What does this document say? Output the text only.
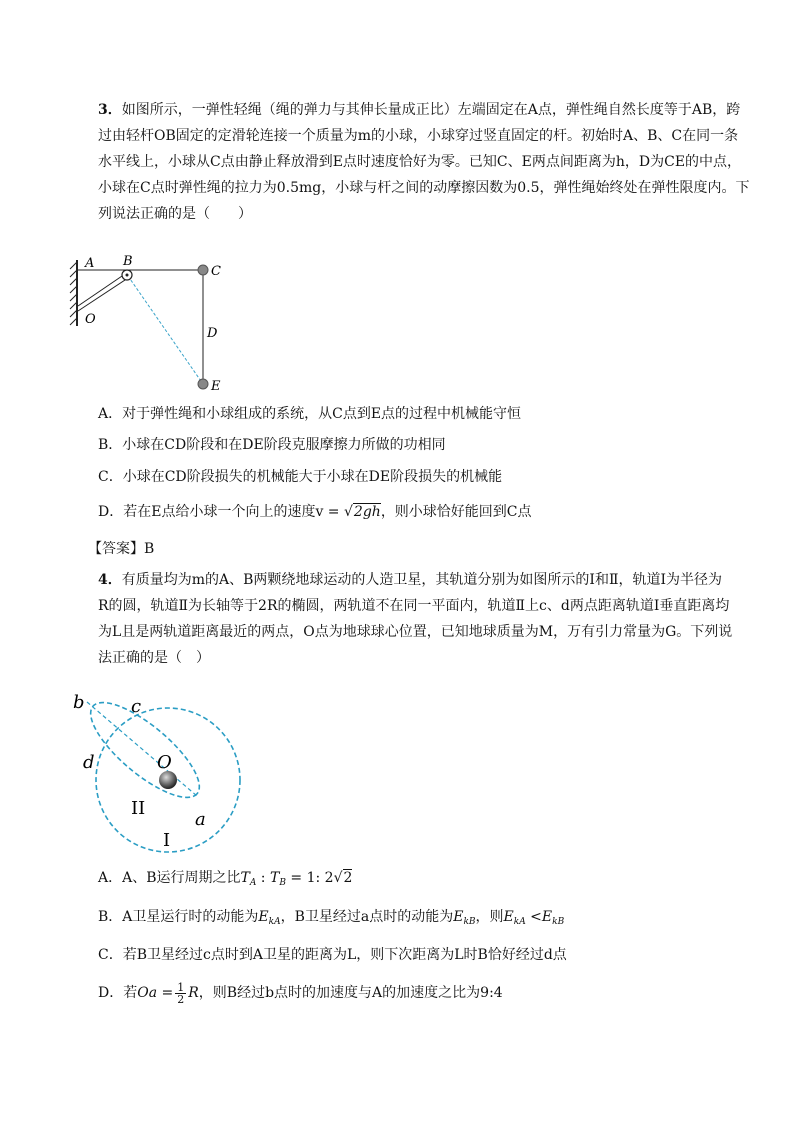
3．如图所示，一弹性轻绳（绳的弹力与其伸长量成正比）左端固定在A点，弹性绳自然长度等于AB，跨
过由轻杆OB固定的定滑轮连接一个质量为m的小球，小球穿过竖直固定的杆。初始时A、B、C在同一条
水平线上，小球从C点由静止释放滑到E点时速度恰好为零。已知C、E两点间距离为h，D为CE的中点，
小球在C点时弹性绳的拉力为0.5mg，小球与杆之间的动摩擦因数为0.5，弹性绳始终处在弹性限度内。下
列说法正确的是（　　）
A B
C
D
E
O
A．对于弹性绳和小球组成的系统，从C点到E点的过程中机械能守恒
B．小球在CD阶段和在DE阶段克服摩擦力所做的功相同
C．小球在CD阶段损失的机械能大于小球在DE阶段损失的机械能
D．若在E点给小球一个向上的速度v = √2gh，则小球恰好能回到C点
【答案】B
4．有质量均为m的A、B两颗绕地球运动的人造卫星，其轨道分别为如图所示的Ⅰ和Ⅱ，轨道Ⅰ为半径为
R的圆，轨道Ⅱ为长轴等于2R的椭圆，两轨道不在同一平面内，轨道Ⅱ上c、d两点距离轨道Ⅰ垂直距离均
为L且是两轨道距离最近的两点，O点为地球球心位置，已知地球质量为M，万有引力常量为G。下列说
法正确的是（　）
b	c
d	O
a
II
I
A．A、B运行周期之比$T_A$ : $T_B = 1$: 2√2
B．A卫星运行时的动能为$E_{kA}$，B卫星经过a点时的动能为$E_{kB}$，则$E_{kA} <E_{kB}$
C．若B卫星经过c点时到A卫星的距离为L，则下次距离为L时B恰好经过d点
D．若$Oa = \frac{1}{2}$ R，则B经过b点时的加速度与A的加速度之比为9:4
